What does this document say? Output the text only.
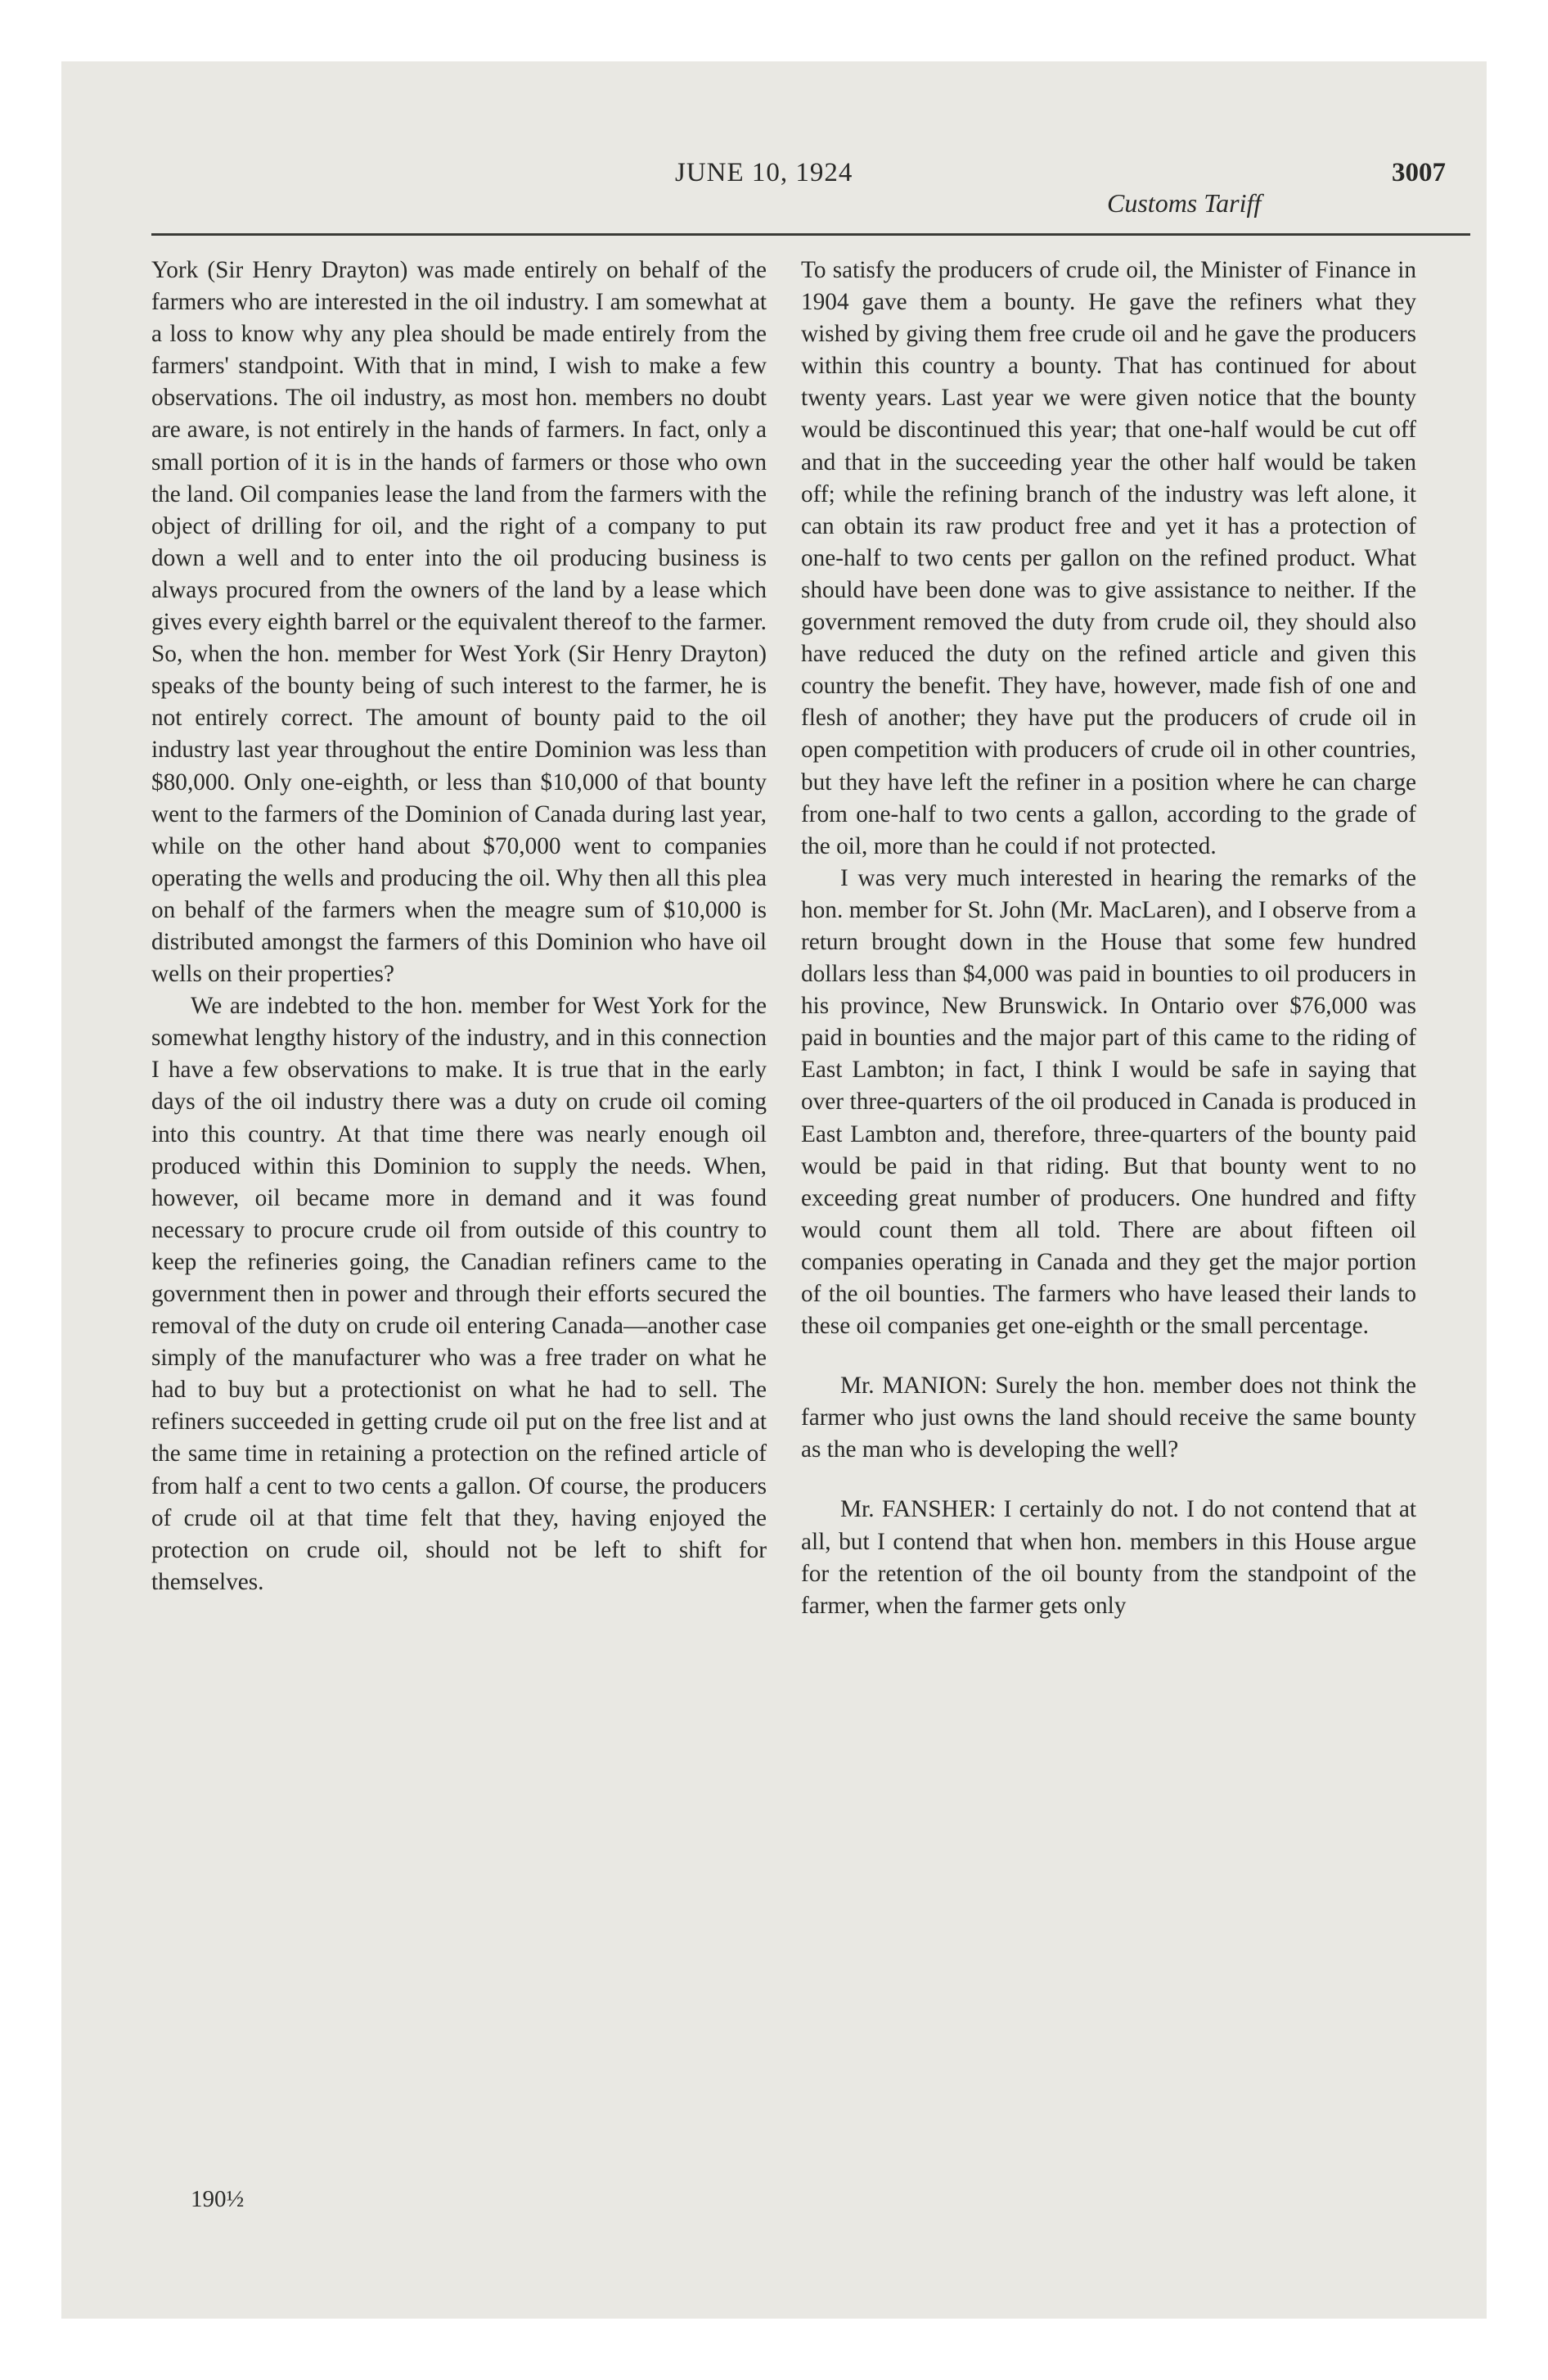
JUNE 10, 1924
Customs Tariff
3007

York (Sir Henry Drayton) was made entirely on behalf of the farmers who are interested in the oil industry. I am somewhat at a loss to know why any plea should be made entirely from the farmers' standpoint. With that in mind, I wish to make a few observations. The oil industry, as most hon. members no doubt are aware, is not entirely in the hands of farmers. In fact, only a small portion of it is in the hands of farmers or those who own the land. Oil companies lease the land from the farmers with the object of drilling for oil, and the right of a company to put down a well and to enter into the oil producing business is always procured from the owners of the land by a lease which gives every eighth barrel or the equivalent thereof to the farmer. So, when the hon. member for West York (Sir Henry Drayton) speaks of the bounty being of such interest to the farmer, he is not entirely correct. The amount of bounty paid to the oil industry last year throughout the entire Dominion was less than $80,000. Only one-eighth, or less than $10,000 of that bounty went to the farmers of the Dominion of Canada during last year, while on the other hand about $70,000 went to companies operating the wells and producing the oil. Why then all this plea on behalf of the farmers when the meagre sum of $10,000 is distributed amongst the farmers of this Dominion who have oil wells on their properties?

We are indebted to the hon. member for West York for the somewhat lengthy history of the industry, and in this connection I have a few observations to make. It is true that in the early days of the oil industry there was a duty on crude oil coming into this country. At that time there was nearly enough oil produced within this Dominion to supply the needs. When, however, oil became more in demand and it was found necessary to procure crude oil from outside of this country to keep the refineries going, the Canadian refiners came to the government then in power and through their efforts secured the removal of the duty on crude oil entering Canada—another case simply of the manufacturer who was a free trader on what he had to buy but a protectionist on what he had to sell. The refiners succeeded in getting crude oil put on the free list and at the same time in retaining a protection on the refined article of from half a cent to two cents a gallon. Of course, the producers of crude oil at that time felt that they, having enjoyed the protection on crude oil, should not be left to shift for themselves.

To satisfy the producers of crude oil, the Minister of Finance in 1904 gave them a bounty. He gave the refiners what they wished by giving them free crude oil and he gave the producers within this country a bounty. That has continued for about twenty years. Last year we were given notice that the bounty would be discontinued this year; that one-half would be cut off and that in the succeeding year the other half would be taken off; while the refining branch of the industry was left alone, it can obtain its raw product free and yet it has a protection of one-half to two cents per gallon on the refined product. What should have been done was to give assistance to neither. If the government removed the duty from crude oil, they should also have reduced the duty on the refined article and given this country the benefit. They have, however, made fish of one and flesh of another; they have put the producers of crude oil in open competition with producers of crude oil in other countries, but they have left the refiner in a position where he can charge from one-half to two cents a gallon, according to the grade of the oil, more than he could if not protected.

I was very much interested in hearing the remarks of the hon. member for St. John (Mr. MacLaren), and I observe from a return brought down in the House that some few hundred dollars less than $4,000 was paid in bounties to oil producers in his province, New Brunswick. In Ontario over $76,000 was paid in bounties and the major part of this came to the riding of East Lambton; in fact, I think I would be safe in saying that over three-quarters of the oil produced in Canada is produced in East Lambton and, therefore, three-quarters of the bounty paid would be paid in that riding. But that bounty went to no exceeding great number of producers. One hundred and fifty would count them all told. There are about fifteen oil companies operating in Canada and they get the major portion of the oil bounties. The farmers who have leased their lands to these oil companies get one-eighth or the small percentage.

Mr. MANION: Surely the hon. member does not think the farmer who just owns the land should receive the same bounty as the man who is developing the well?

Mr. FANSHER: I certainly do not. I do not contend that at all, but I contend that when hon. members in this House argue for the retention of the oil bounty from the standpoint of the farmer, when the farmer gets only

190½
